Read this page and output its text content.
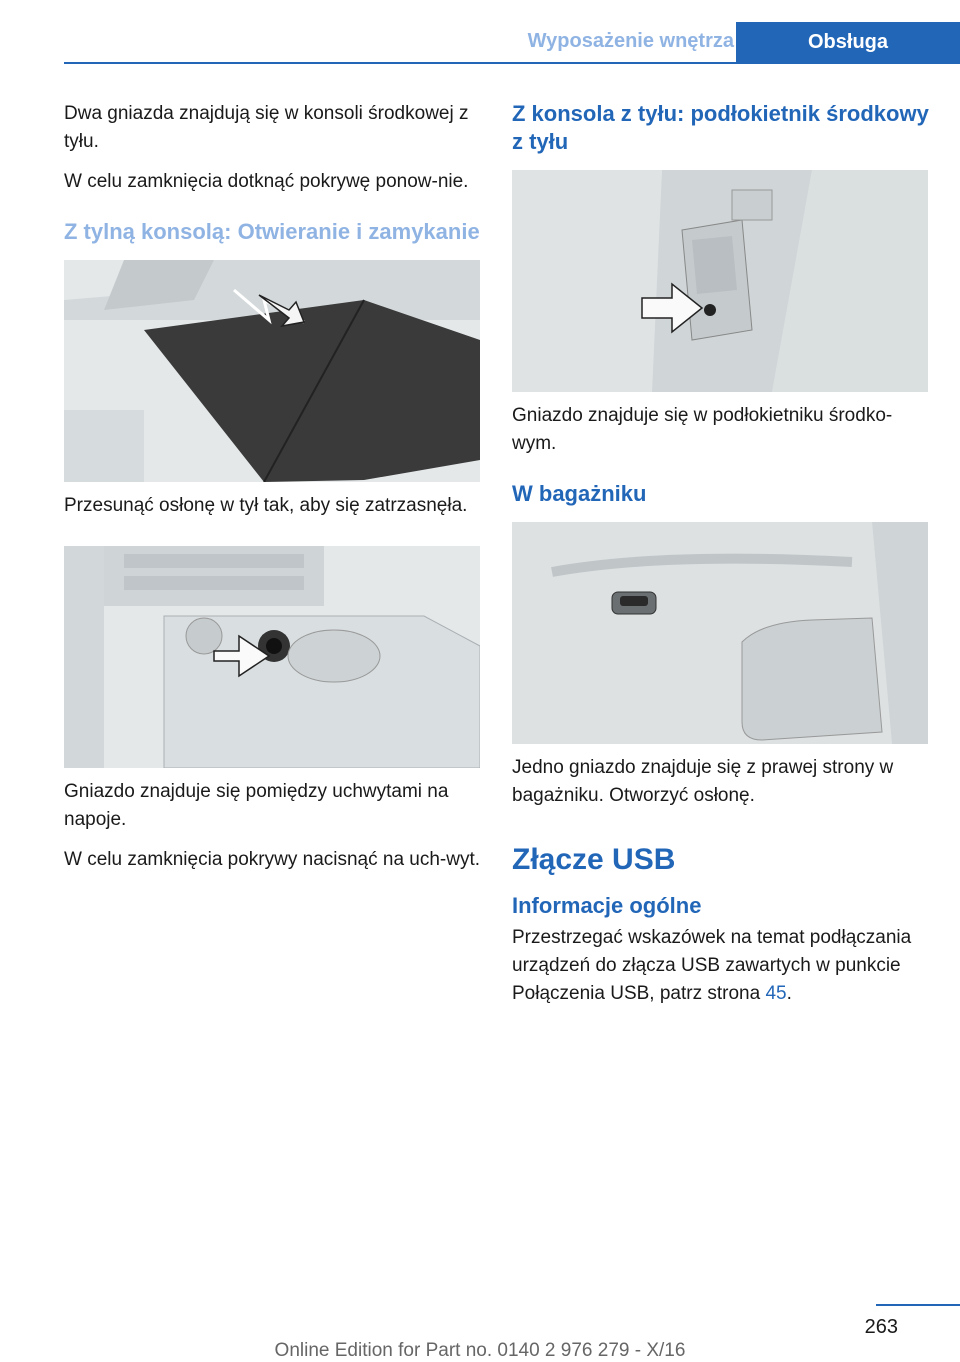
Wyposażenie wnętrza	Obsługa

Dwa gniazda znajdują się w konsoli środkowej z tyłu.

W celu zamknięcia dotknąć pokrywę ponow‐nie.

Z tylną konsolą: Otwieranie i zamykanie

Przesunąć osłonę w tył tak, aby się zatrzasnęła.

Gniazdo znajduje się pomiędzy uchwytami na napoje.

W celu zamknięcia pokrywy nacisnąć na uch‐wyt.

Z konsola z tyłu: podłokietnik środkowy z tyłu

Gniazdo znajduje się w podłokietniku środko‐wym.

W bagażniku

Jedno gniazdo znajduje się z prawej strony w bagażniku. Otworzyć osłonę.

Złącze USB
Informacje ogólne

Przestrzegać wskazówek na temat podłączania urządzeń do złącza USB zawartych w punkcie Połączenia USB, patrz strona 45.

263
Online Edition for Part no. 0140 2 976 279 - X/16
